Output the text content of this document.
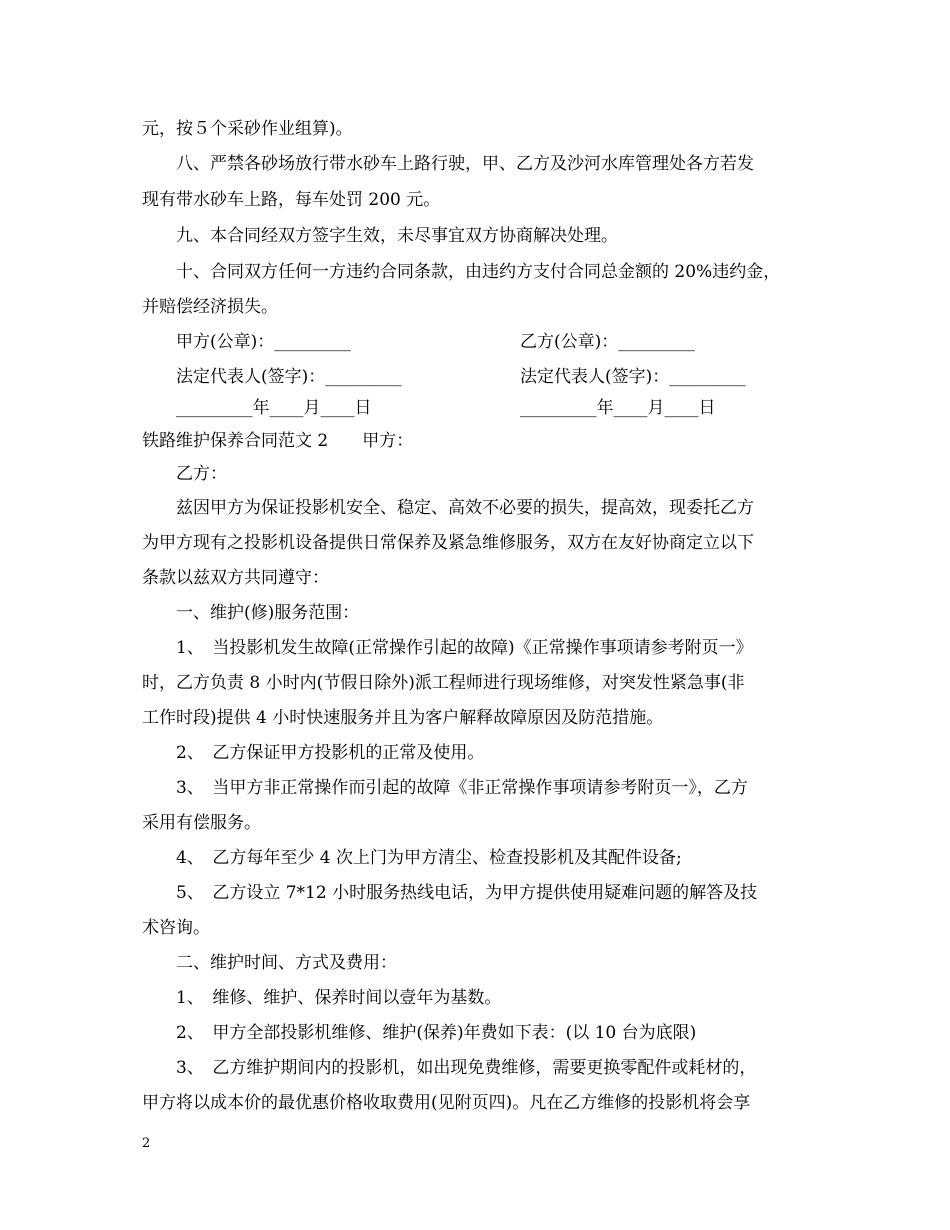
元，按５个采砂作业组算)。
八、严禁各砂场放行带水砂车上路行驶，甲、乙方及沙河水库管理处各方若发
现有带水砂车上路，每车处罚 200 元。
九、本合同经双方签字生效，未尽事宜双方协商解决处理。
十、合同双方任何一方违约合同条款，由违约方支付合同总金额的 20%违约金，
并赔偿经济损失。
甲方(公章)：_________	乙方(公章)：_________
法定代表人(签字)：_________	法定代表人(签字)：_________
_________年____月____日	_________年____月____日
铁路维护保养合同范文 2　　甲方：
乙方：
兹因甲方为保证投影机安全、稳定、高效不必要的损失，提高效，现委托乙方
为甲方现有之投影机设备提供日常保养及紧急维修服务，双方在友好协商定立以下
条款以兹双方共同遵守：
一、维护(修)服务范围：
1、　当投影机发生故障(正常操作引起的故障)《正常操作事项请参考附页一》
时，乙方负责 8 小时内(节假日除外)派工程师进行现场维修，对突发性紧急事(非
工作时段)提供 4 小时快速服务并且为客户解释故障原因及防范措施。
2、　乙方保证甲方投影机的正常及使用。
3、　当甲方非正常操作而引起的故障《非正常操作事项请参考附页一》，乙方
采用有偿服务。
4、　乙方每年至少 4 次上门为甲方清尘、检查投影机及其配件设备;
5、　乙方设立 7*12 小时服务热线电话，为甲方提供使用疑难问题的解答及技
术咨询。
二、维护时间、方式及费用：
1、　维修、维护、保养时间以壹年为基数。
2、　甲方全部投影机维修、维护(保养)年费如下表：(以 10 台为底限)
3、　乙方维护期间内的投影机，如出现免费维修，需要更换零配件或耗材的，
甲方将以成本价的最优惠价格收取费用(见附页四)。凡在乙方维修的投影机将会享
2
